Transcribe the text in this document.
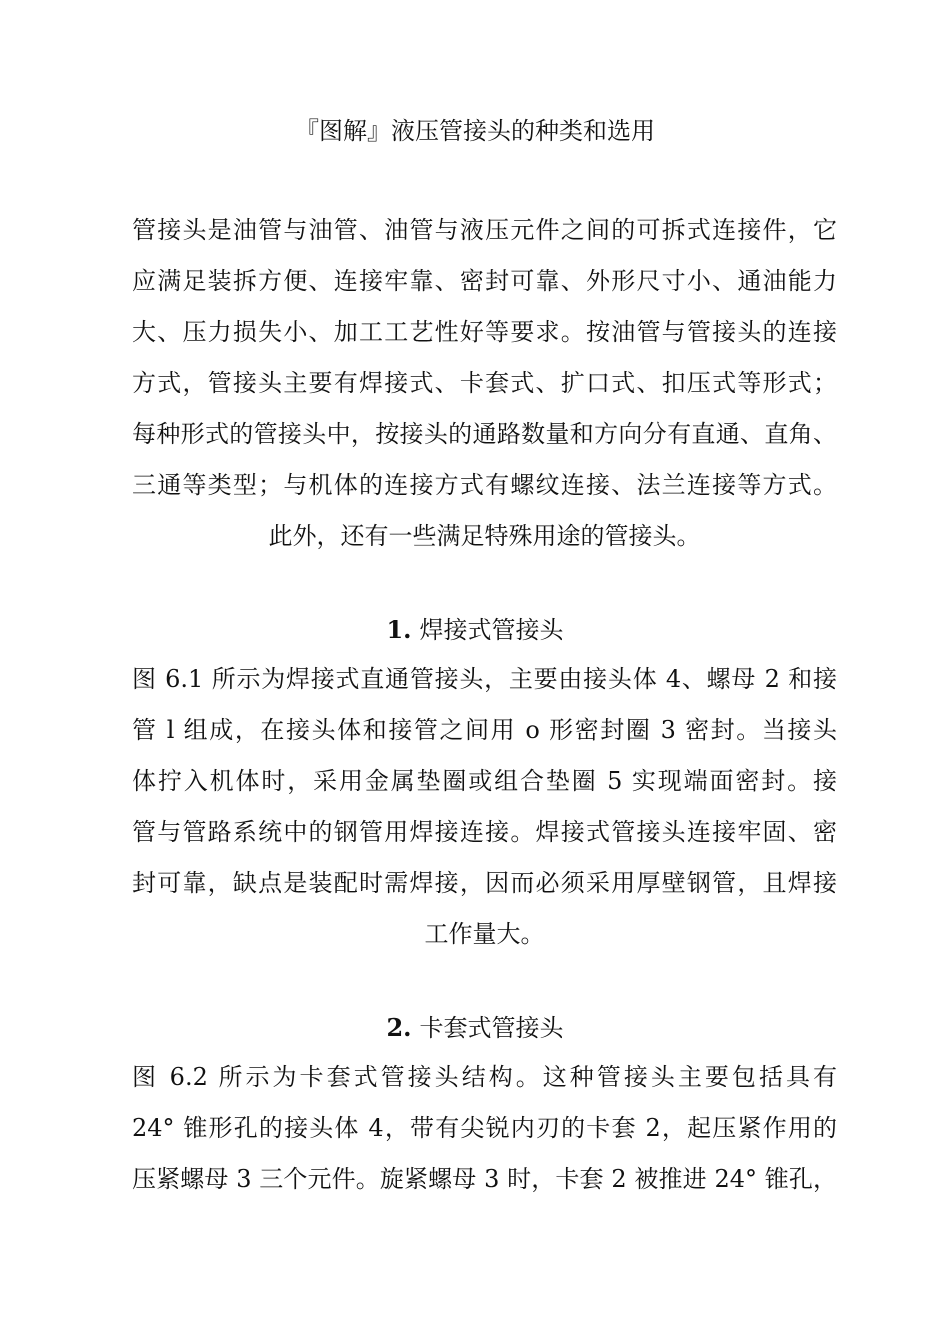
『图解』液压管接头的种类和选用
管接头是油管与油管、油管与液压元件之间的可拆式连接件，它
应满足装拆方便、连接牢靠、密封可靠、外形尺寸小、通油能力
大、压力损失小、加工工艺性好等要求。按油管与管接头的连接
方式，管接头主要有焊接式、卡套式、扩口式、扣压式等形式；
每种形式的管接头中，按接头的通路数量和方向分有直通、直角、
三通等类型；与机体的连接方式有螺纹连接、法兰连接等方式。
此外，还有一些满足特殊用途的管接头。
1. 焊接式管接头
图 6.1 所示为焊接式直通管接头，主要由接头体 4、螺母 2 和接
管 l 组成，在接头体和接管之间用 o 形密封圈 3 密封。当接头
体拧入机体时，采用金属垫圈或组合垫圈 5 实现端面密封。接
管与管路系统中的钢管用焊接连接。焊接式管接头连接牢固、密
封可靠，缺点是装配时需焊接，因而必须采用厚壁钢管，且焊接
工作量大。
2. 卡套式管接头
图 6.2 所示为卡套式管接头结构。这种管接头主要包括具有
24° 锥形孔的接头体 4，带有尖锐内刃的卡套 2，起压紧作用的
压紧螺母 3 三个元件。旋紧螺母 3 时，卡套 2 被推进 24° 锥孔，
